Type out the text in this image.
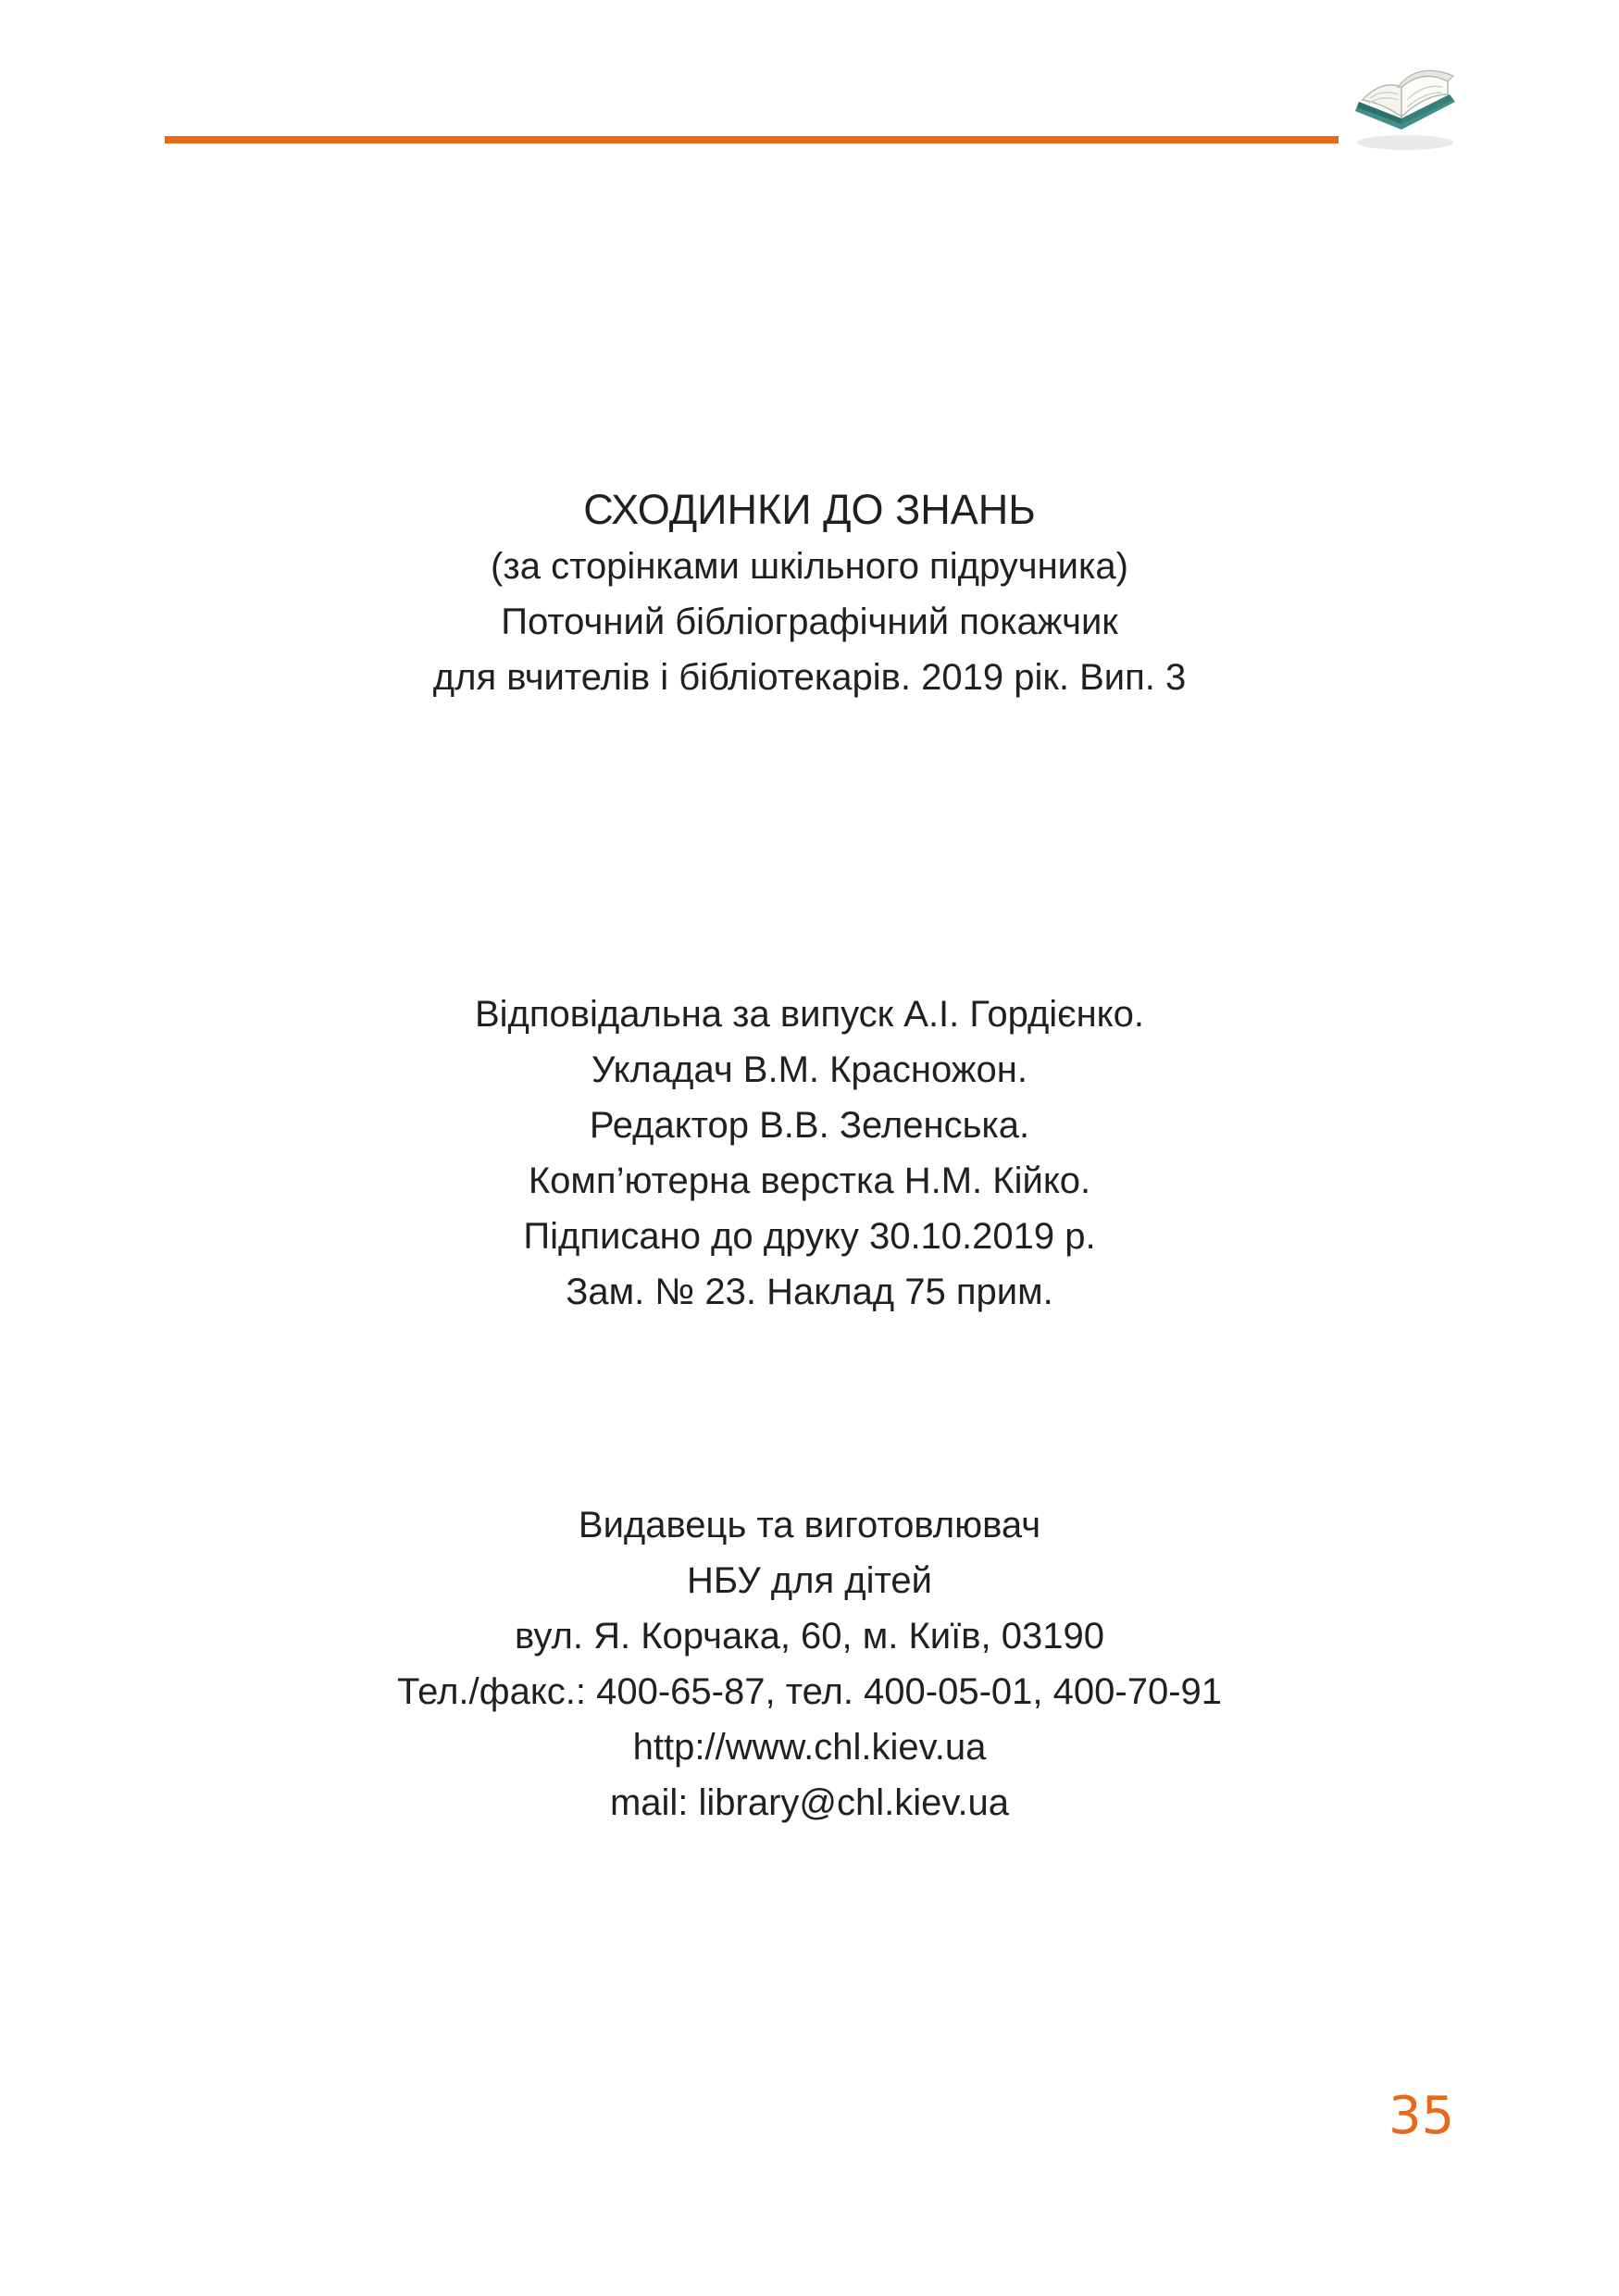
СХОДИНКИ ДО ЗНАНЬ
(за сторінками шкільного підручника)
Поточний бібліографічний покажчик
для вчителів і бібліотекарів. 2019 рік. Вип. 3
Відповідальна за випуск А.І. Гордієнко.
Укладач В.М. Красножон.
Редактор В.В. Зеленська.
Комп’ютерна верстка Н.М. Кійко.
Підписано до друку 30.10.2019 р.
Зам. № 23. Наклад 75 прим.
Видавець та виготовлювач
НБУ для дітей
вул. Я. Корчака, 60, м. Київ, 03190
Тел./факс.: 400-65-87, тел. 400-05-01, 400-70-91
http://www.chl.kiev.ua
mail: library@chl.kiev.ua
35
